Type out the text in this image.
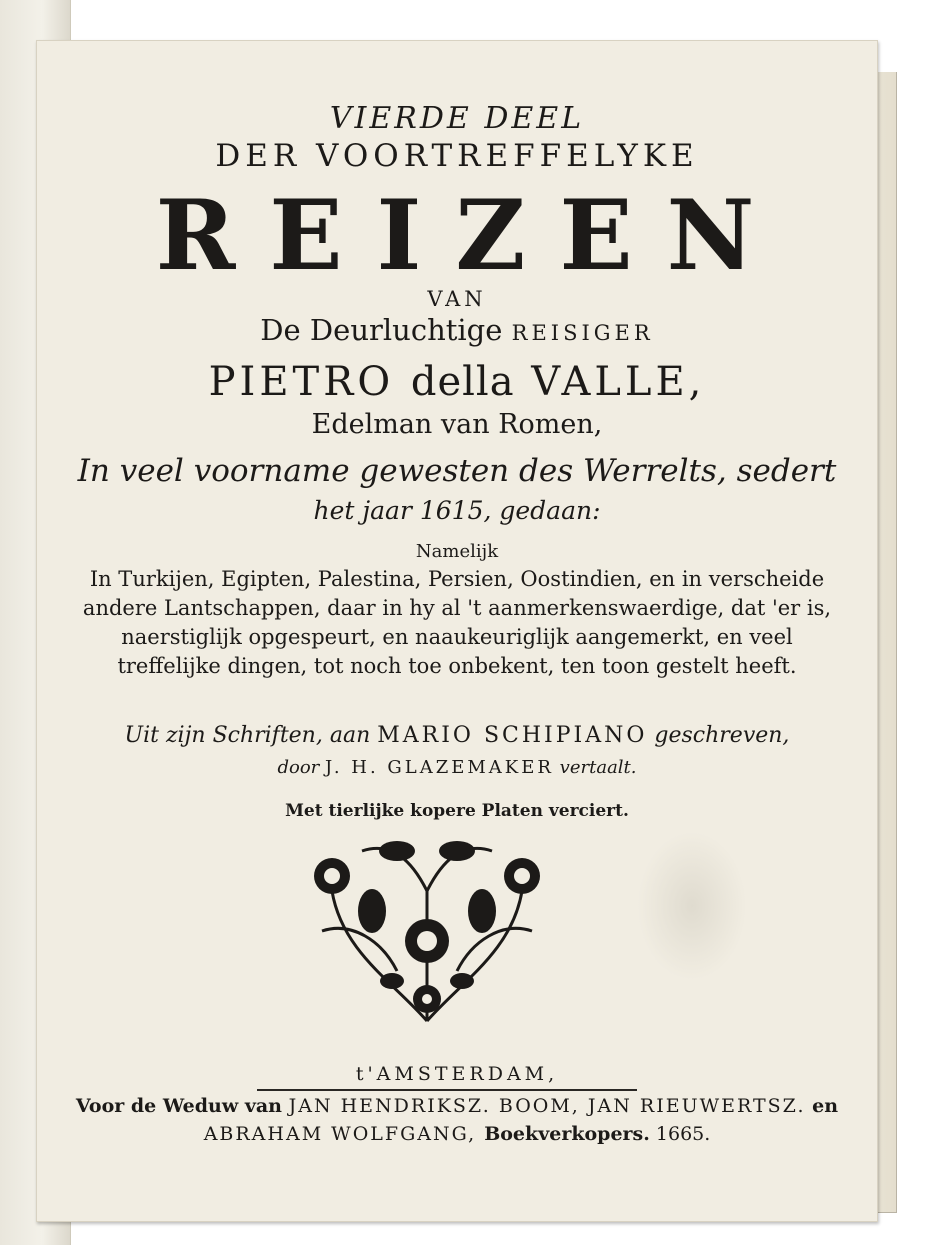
VIERDE DEEL
DER VOORTREFFELYKE
REIZEN
VAN
De Deurluchtige REISIGER
PIETRO della VALLE,
Edelman van Romen,
In veel voorname gewesten des Werrelts, sedert
het jaar 1615, gedaan:
Namelijk
In Turkijen, Egipten, Palestina, Persien, Oostindien, en in verscheide andere Lantschappen, daar in hy al 't aanmerkenswaerdige, dat 'er is, naerstiglijk opgespeurt, en naaukeuriglijk aangemerkt, en veel treffelijke dingen, tot noch toe onbekent, ten toon gestelt heeft.
Uit zijn Schriften, aan MARIO SCHIPIANO geschreven,
door J. H. GLAZEMAKER vertaalt.
Met tierlijke kopere Platen verciert.
t'AMSTERDAM,
Voor de Weduw van JAN HENDRIKSZ. BOOM, JAN RIEUWERTSZ. en
ABRAHAM WOLFGANG, Boekverkopers. 1665.
